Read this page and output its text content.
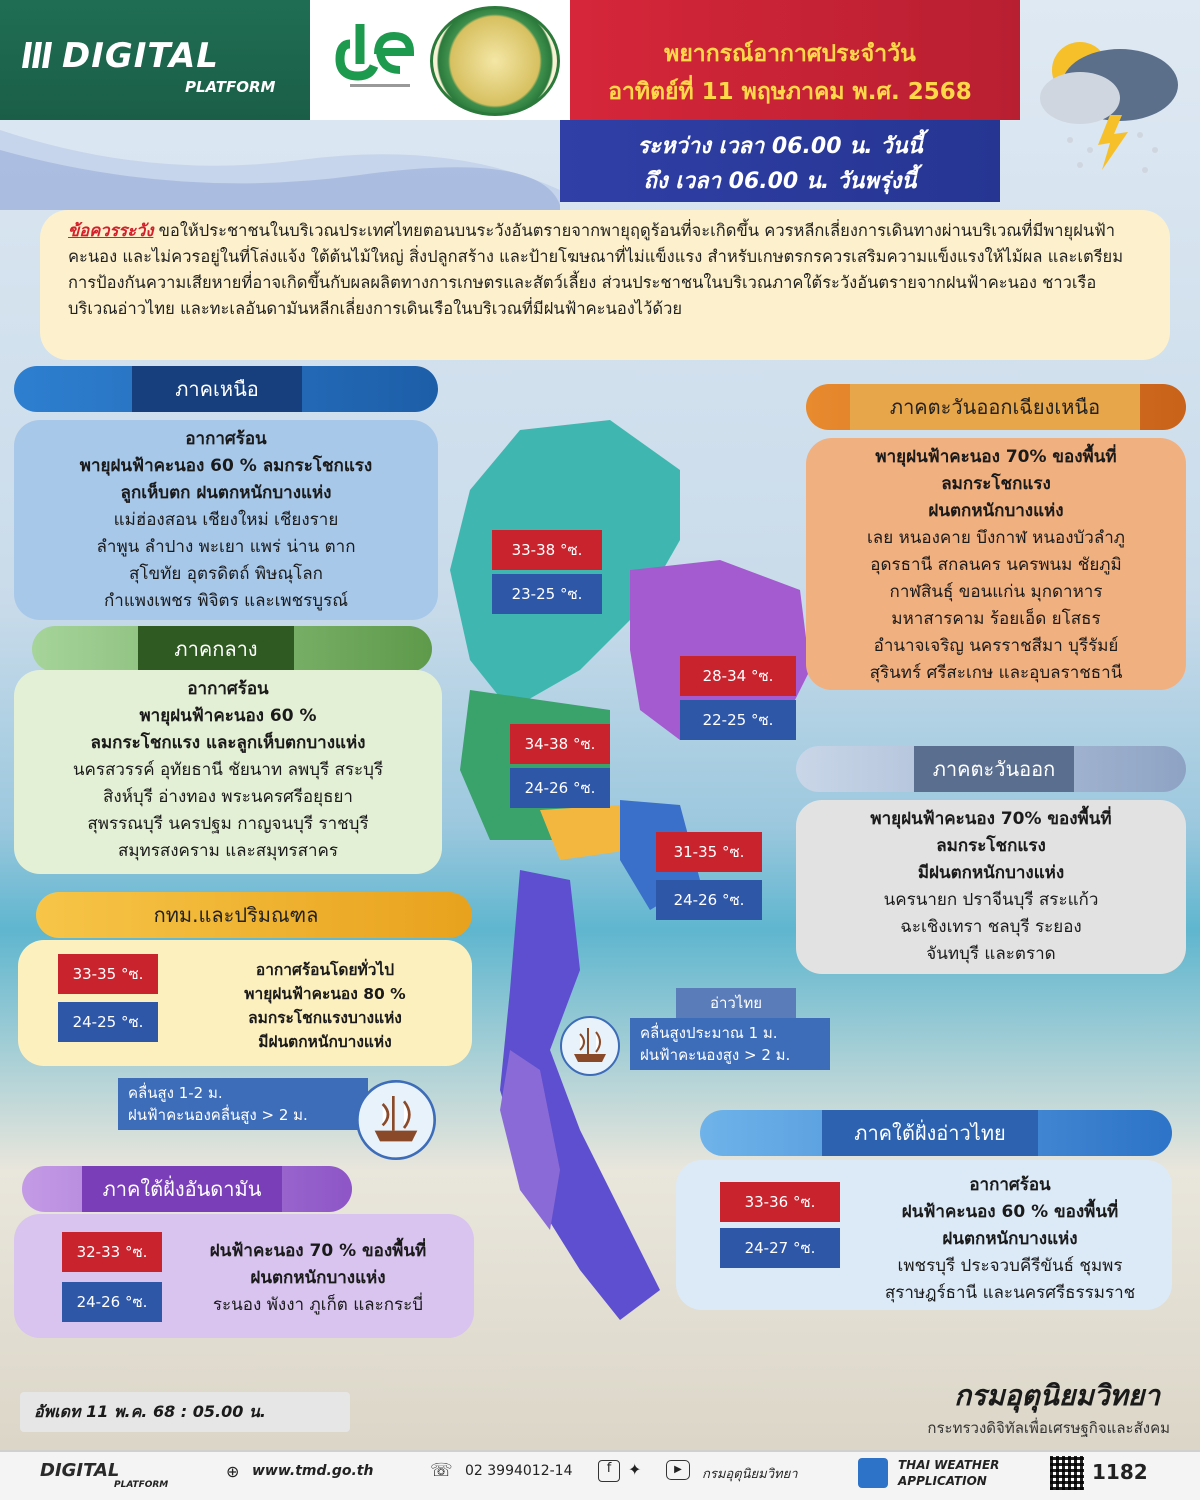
DIGITAL
PLATFORM
พยากรณ์อากาศประจำวัน
อาทิตย์ที่ 11 พฤษภาคม พ.ศ. 2568
ระหว่าง เวลา 06.00 น. วันนี้
ถึง เวลา 06.00 น. วันพรุ่งนี้
ข้อควรระวัง ขอให้ประชาชนในบริเวณประเทศไทยตอนบนระวังอันตรายจากพายุฤดูร้อนที่จะเกิดขึ้น ควรหลีกเลี่ยงการเดินทางผ่านบริเวณที่มีพายุฝนฟ้าคะนอง และไม่ควรอยู่ในที่โล่งแจ้ง ใต้ต้นไม้ใหญ่ สิ่งปลูกสร้าง และป้ายโฆษณาที่ไม่แข็งแรง สำหรับเกษตรกรควรเสริมความแข็งแรงให้ไม้ผล และเตรียมการป้องกันความเสียหายที่อาจเกิดขึ้นกับผลผลิตทางการเกษตรและสัตว์เลี้ยง ส่วนประชาชนในบริเวณภาคใต้ระวังอันตรายจากฝนฟ้าคะนอง ชาวเรือบริเวณอ่าวไทย และทะเลอันดามันหลีกเลี่ยงการเดินเรือในบริเวณที่มีฝนฟ้าคะนองไว้ด้วย
ภาคเหนือ
อากาศร้อน
พายุฝนฟ้าคะนอง 60 % ลมกระโชกแรง
ลูกเห็บตก ฝนตกหนักบางแห่ง
แม่ฮ่องสอน เชียงใหม่ เชียงราย
ลำพูน ลำปาง พะเยา แพร่ น่าน ตาก
สุโขทัย อุตรดิตถ์ พิษณุโลก
กำแพงเพชร พิจิตร และเพชรบูรณ์
33-38 °ซ.
23-25 °ซ.
ภาคตะวันออกเฉียงเหนือ
พายุฝนฟ้าคะนอง 70% ของพื้นที่
ลมกระโชกแรง
ฝนตกหนักบางแห่ง
เลย หนองคาย บึงกาฬ หนองบัวลำภู
อุดรธานี สกลนคร นครพนม ชัยภูมิ
กาฬสินธุ์ ขอนแก่น มุกดาหาร
มหาสารคาม ร้อยเอ็ด ยโสธร
อำนาจเจริญ นครราชสีมา บุรีรัมย์
สุรินทร์ ศรีสะเกษ และอุบลราชธานี
28-34 °ซ.
22-25 °ซ.
ภาคกลาง
อากาศร้อน
พายุฝนฟ้าคะนอง 60 %
ลมกระโชกแรง และลูกเห็บตกบางแห่ง
นครสวรรค์ อุทัยธานี ชัยนาท ลพบุรี สระบุรี
สิงห์บุรี อ่างทอง พระนครศรีอยุธยา
สุพรรณบุรี นครปฐม กาญจนบุรี ราชบุรี
สมุทรสงคราม และสมุทรสาคร
34-38 °ซ.
24-26 °ซ.
ภาคตะวันออก
พายุฝนฟ้าคะนอง 70% ของพื้นที่
ลมกระโชกแรง
มีฝนตกหนักบางแห่ง
นครนายก ปราจีนบุรี สระแก้ว
ฉะเชิงเทรา ชลบุรี ระยอง
จันทบุรี และตราด
31-35 °ซ.
24-26 °ซ.
กทม.และปริมณฑล
33-35 °ซ.
24-25 °ซ.
อากาศร้อนโดยทั่วไป
พายุฝนฟ้าคะนอง 80 %
ลมกระโชกแรงบางแห่ง
มีฝนตกหนักบางแห่ง
อ่าวไทย
คลื่นสูงประมาณ 1 ม.
ฝนฟ้าคะนองสูง > 2 ม.
คลื่นสูง 1-2 ม.
ฝนฟ้าคะนองคลื่นสูง > 2 ม.
ภาคใต้ฝั่งอ่าวไทย
33-36 °ซ.
24-27 °ซ.
อากาศร้อน
ฝนฟ้าคะนอง 60 % ของพื้นที่
ฝนตกหนักบางแห่ง
เพชรบุรี ประจวบคีรีขันธ์ ชุมพร
สุราษฎร์ธานี และนครศรีธรรมราช
ภาคใต้ฝั่งอันดามัน
32-33 °ซ.
24-26 °ซ.
ฝนฟ้าคะนอง 70 % ของพื้นที่
ฝนตกหนักบางแห่ง
ระนอง พังงา ภูเก็ต และกระบี่
อัพเดท 11 พ.ค. 68 : 05.00 น.	กรมอุตุนิยมวิทยา
กระทรวงดิจิทัลเพื่อเศรษฐกิจและสังคม
DIGITAL
PLATFORM
⊕ www.tmd.go.th	☏ 02 3994012-14	f	✦	▶	กรมอุตุนิยมวิทยา
THAI WEATHER
APPLICATION	1182
